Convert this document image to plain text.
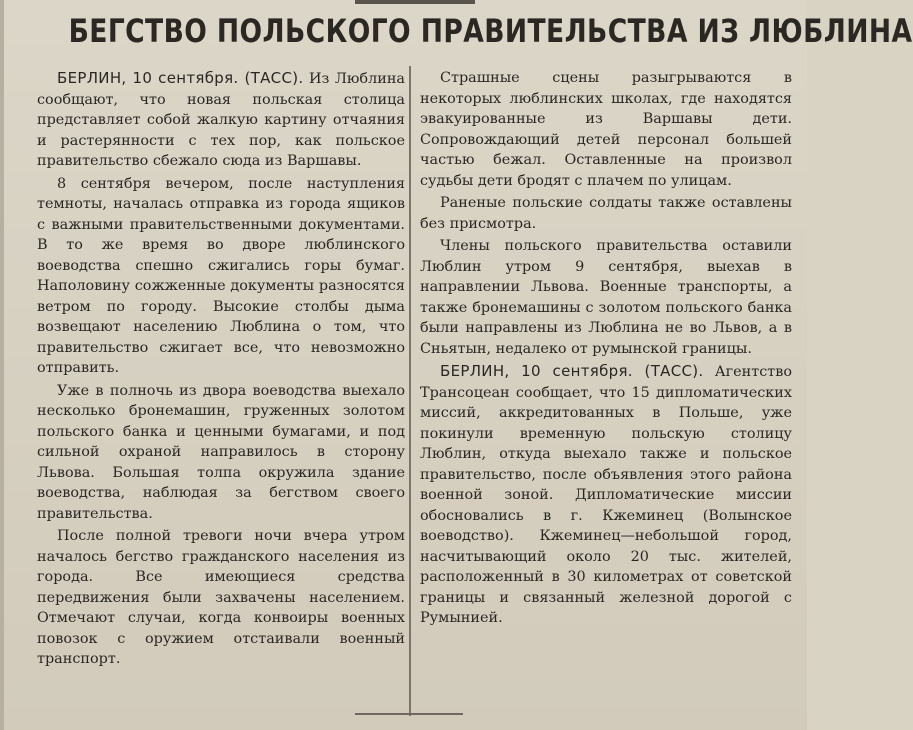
БЕГСТВО ПОЛЬСКОГО ПРАВИТЕЛЬСТВА ИЗ ЛЮБЛИНА

БЕРЛИН, 10 сентября. (ТАСС). Из Люблина сообщают, что новая польская столица представляет собой жалкую картину отчаяния и растерянности с тех пор, как польское правительство сбежало сюда из Варшавы.

8 сентября вечером, после наступления темноты, началась отправка из города ящиков с важными правительственными документами. В то же время во дворе люблинского воеводства спешно сжигались горы бумаг. Наполовину сожженные документы разносятся ветром по городу. Высокие столбы дыма возвещают населению Люблина о том, что правительство сжигает все, что невозможно отправить.

Уже в полночь из двора воеводства выехало несколько бронемашин, груженных золотом польского банка и ценными бумагами, и под сильной охраной направилось в сторону Львова. Большая толпа окружила здание воеводства, наблюдая за бегством своего правительства.

После полной тревоги ночи вчера утром началось бегство гражданского населения из города. Все имеющиеся средства передвижения были захвачены населением. Отмечают случаи, когда конвоиры военных повозок с оружием отстаивали военный транспорт.

Страшные сцены разыгрываются в некоторых люблинских школах, где находятся эвакуированные из Варшавы дети. Сопровождающий детей персонал большей частью бежал. Оставленные на произвол судьбы дети бродят с плачем по улицам.

Раненые польские солдаты также оставлены без присмотра.

Члены польского правительства оставили Люблин утром 9 сентября, выехав в направлении Львова. Военные транспорты, а также бронемашины с золотом польского банка были направлены из Люблина не во Львов, а в Сньятын, недалеко от румынской границы.

БЕРЛИН, 10 сентября. (ТАСС). Агентство Трансоцеан сообщает, что 15 дипломатических миссий, аккредитованных в Польше, уже покинули временную польскую столицу Люблин, откуда выехало также и польское правительство, после объявления этого района военной зоной. Дипломатические миссии обосновались в г. Кжеминец (Волынское воеводство). Кжеминец—небольшой город, насчитывающий около 20 тыс. жителей, расположенный в 30 километрах от советской границы и связанный железной дорогой с Румынией.
